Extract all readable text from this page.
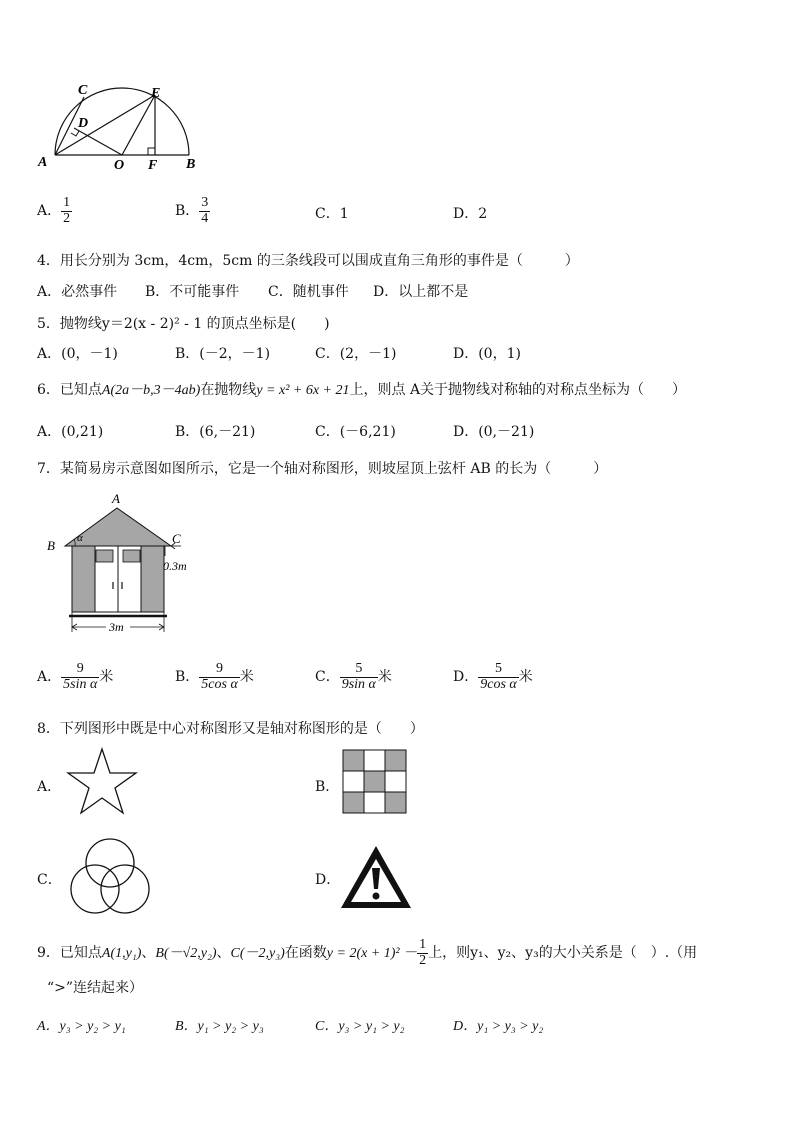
A
C
D
E
O F B
A． $\frac{1}{2}$	B． $\frac{3}{4}$	C．1	D．2
4．用长分别为 3cm，4cm，5cm 的三条线段可以围成直角三角形的事件是（　　　）
A．必然事件 B．不可能事件 C．随机事件 D．以上都不是
5．抛物线y＝2(x - 2)² - 1 的顶点坐标是(　　)
A．(0，－1)	B．(－2，－1)	C．(2，－1)	D．(0，1)
6．已知点A(2a－b,3－4ab)在抛物线y = x² + 6x + 21上，则点 A关于抛物线对称轴的对称点坐标为（　　）
A．(0,21)	B．(6,－21)	C．(－6,21)	D．(0,－21)
7．某简易房示意图如图所示，它是一个轴对称图形，则坡屋顶上弦杆 AB 的长为（　　　）
A
B	C
α
0.3m
3m
A． $\frac{9}{\text{5sin α}}$ 米	B． $\frac{9}{\text{5cos α}}$ 米	C． $\frac{5}{\text{9sin α}}$ 米	D． $\frac{5}{\text{9cos α}}$ 米
8．下列图形中既是中心对称图形又是轴对称图形的是（　　）
A．	B．
C．	D．
9．已知点A(1,y₁)、B(－√2,y₂)、C(－2,y₃)在函数$y = 2(x + 1)^2 - \frac{1}{2}$ 上，则y₁、y₂、y₃的大小关系是（　）.（用
“>”连结起来）
A．y₃ > y₂ > y₁	B．y₁ > y₂ > y₃	C．y₃ > y₁ > y₂	D．y₁ > y₃ > y₂
